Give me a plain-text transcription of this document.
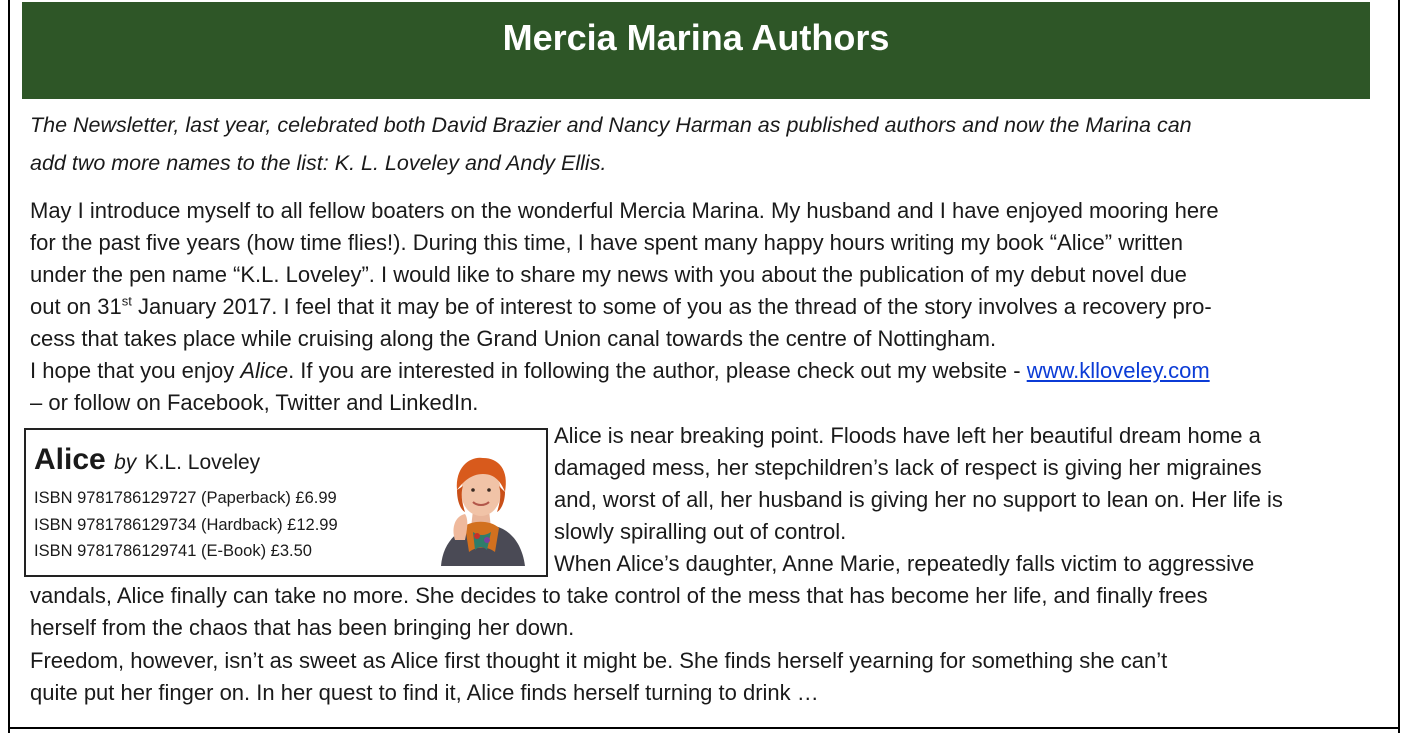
Mercia Marina Authors
The Newsletter, last year, celebrated both David Brazier and Nancy Harman as published authors and now the Marina can
add two more names to the list: K. L. Loveley and Andy Ellis.
May I introduce myself to all fellow boaters on the wonderful Mercia Marina. My husband and I have enjoyed mooring here
for the past five years (how time flies!). During this time, I have spent many happy hours writing my book “Alice” written
under the pen name “K.L. Loveley”. I would like to share my news with you about the publication of my debut novel due
out on 31st January 2017. I feel that it may be of interest to some of you as the thread of the story involves a recovery pro-
cess that takes place while cruising along the Grand Union canal towards the centre of Nottingham.
I hope that you enjoy Alice. If you are interested in following the author, please check out my website - www.klloveley.com
– or follow on Facebook, Twitter and LinkedIn.
Alice by K.L. Loveley
ISBN 9781786129727 (Paperback) £6.99
ISBN 9781786129734 (Hardback) £12.99
ISBN 9781786129741 (E-Book) £3.50
Alice is near breaking point. Floods have left her beautiful dream home a
damaged mess, her stepchildren’s lack of respect is giving her migraines
and, worst of all, her husband is giving her no support to lean on. Her life is
slowly spiralling out of control.
When Alice’s daughter, Anne Marie, repeatedly falls victim to aggressive
vandals, Alice finally can take no more. She decides to take control of the mess that has become her life, and finally frees
herself from the chaos that has been bringing her down.
Freedom, however, isn’t as sweet as Alice first thought it might be. She finds herself yearning for something she can’t
quite put her finger on. In her quest to find it, Alice finds herself turning to drink …
